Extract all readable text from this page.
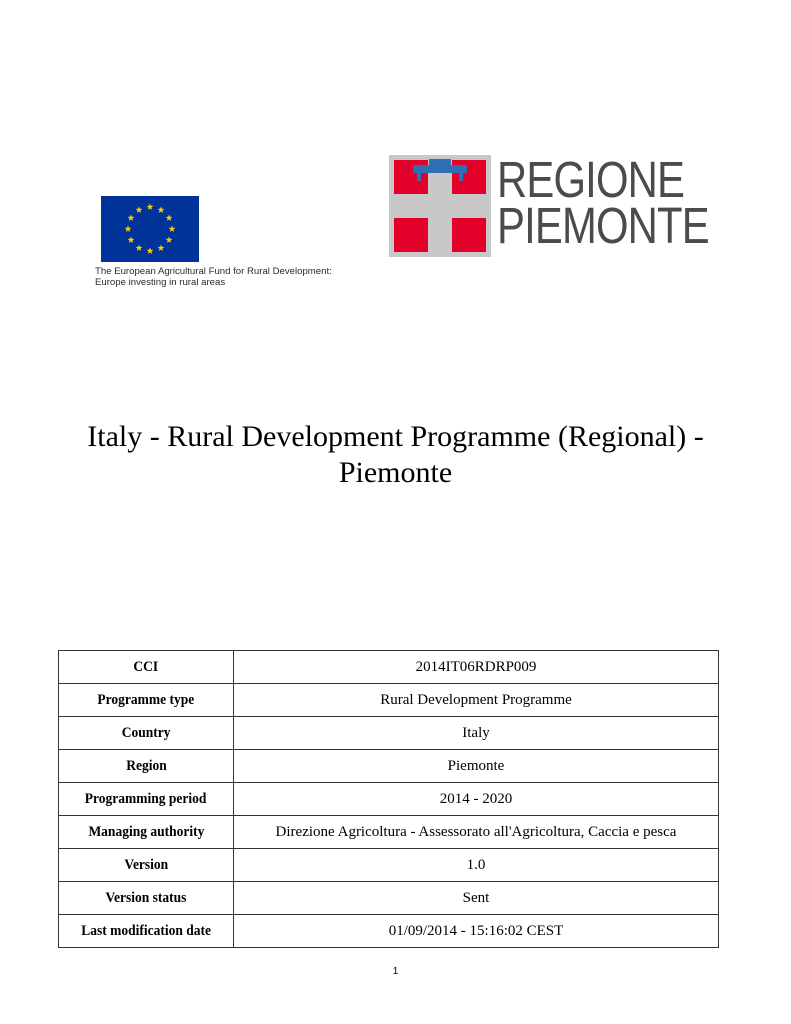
The European Agricultural Fund for Rural Development:
Europe investing in rural areas
REGIONE
PIEMONTE
Italy - Rural Development Programme (Regional) -
Piemonte
CCI	2014IT06RDRP009
Programme type	Rural Development Programme
Country	Italy
Region	Piemonte
Programming period	2014 - 2020
Managing authority	Direzione Agricoltura - Assessorato all'Agricoltura, Caccia e pesca
Version	1.0
Version status	Sent
Last modification date	01/09/2014 - 15:16:02 CEST
1
